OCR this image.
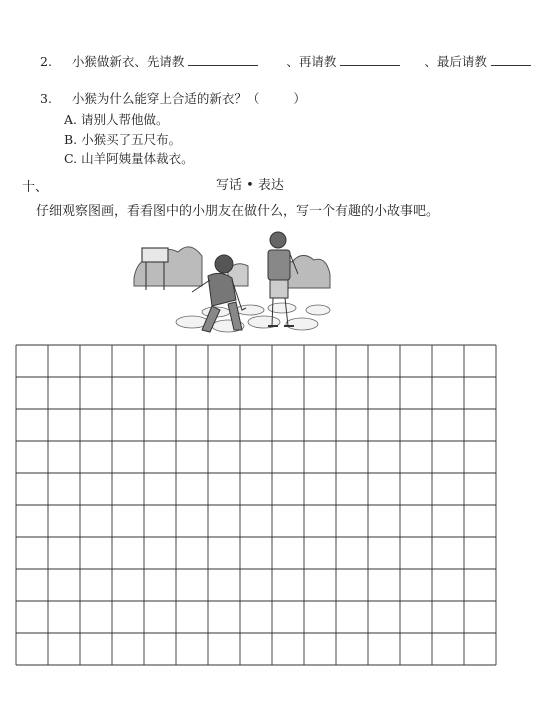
2. 小猴做新衣、先请教	、再请教	、最后请教
3. 小猴为什么能穿上合适的新衣？（	）
A. 请别人帮他做。
B. 小猴买了五尺布。
C. 山羊阿姨量体裁衣。
十、	写话 • 表达
仔细观察图画，看看图中的小朋友在做什么，写一个有趣的小故事吧。
